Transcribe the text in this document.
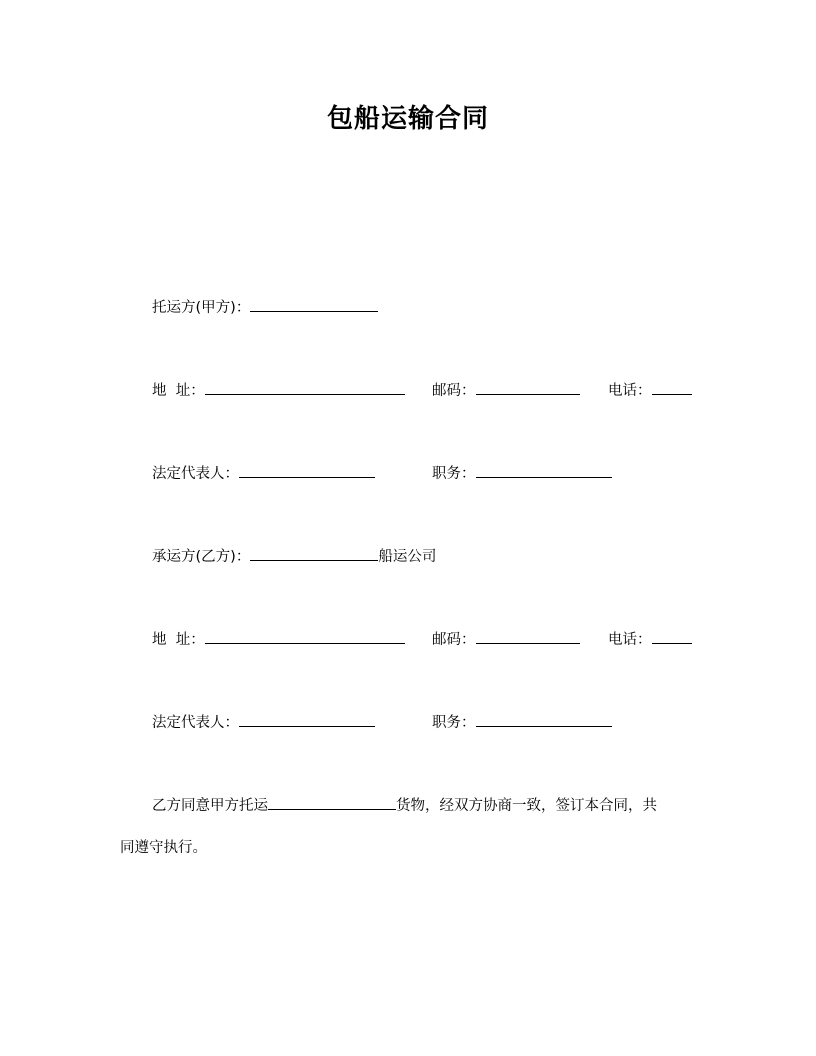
包船运输合同
托运方(甲方)：
地  址：	邮码：	电话：
法定代表人：	职务：
承运方(乙方)：	船运公司
地  址：	邮码：	电话：
法定代表人：	职务：
乙方同意甲方托运	货物，经双方协商一致，签订本合同，共
同遵守执行。
